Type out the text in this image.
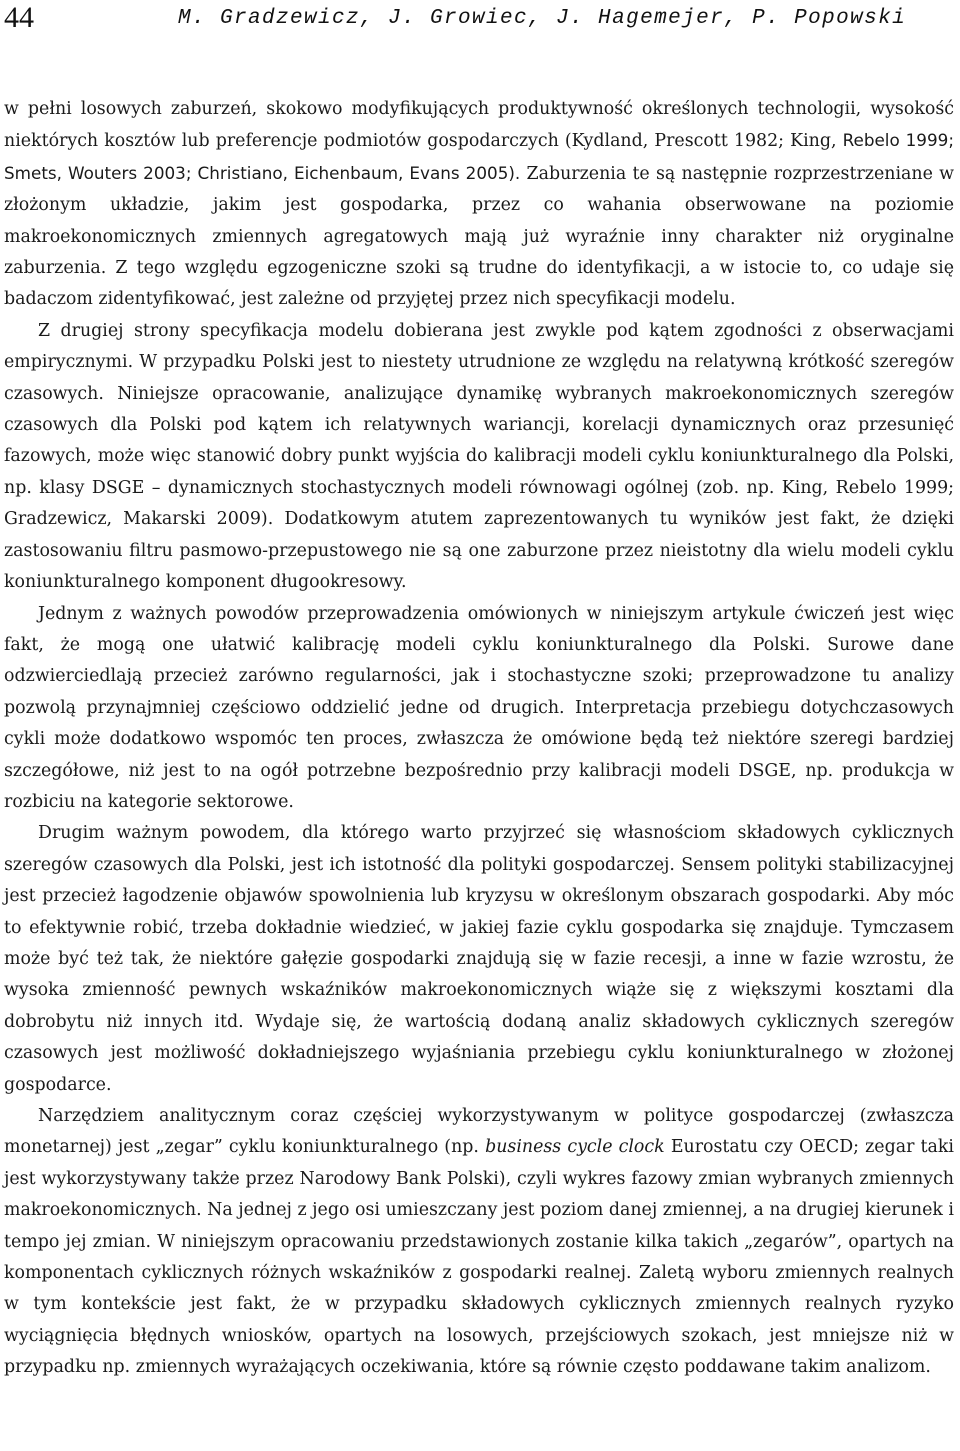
44	M. Gradzewicz, J. Growiec, J. Hagemejer, P. Popowski

w pełni losowych zaburzeń, skokowo modyfikujących produktywność określonych technologii, wysokość niektórych kosztów lub preferencje podmiotów gospodarczych (Kydland, Prescott 1982; King, Rebelo 1999; Smets, Wouters 2003; Christiano, Eichenbaum, Evans 2005). Zaburzenia te są następnie rozprzestrzeniane w złożonym układzie, jakim jest gospodarka, przez co wahania obserwowane na poziomie makroekonomicznych zmiennych agregatowych mają już wyraźnie inny charakter niż oryginalne zaburzenia. Z tego względu egzogeniczne szoki są trudne do identyfikacji, a w istocie to, co udaje się badaczom zidentyfikować, jest zależne od przyjętej przez nich specyfikacji modelu.

Z drugiej strony specyfikacja modelu dobierana jest zwykle pod kątem zgodności z obserwacjami empirycznymi. W przypadku Polski jest to niestety utrudnione ze względu na relatywną krótkość szeregów czasowych. Niniejsze opracowanie, analizujące dynamikę wybranych makroekonomicznych szeregów czasowych dla Polski pod kątem ich relatywnych wariancji, korelacji dynamicznych oraz przesunięć fazowych, może więc stanowić dobry punkt wyjścia do kalibracji modeli cyklu koniunkturalnego dla Polski, np. klasy DSGE – dynamicznych stochastycznych modeli równowagi ogólnej (zob. np. King, Rebelo 1999; Gradzewicz, Makarski 2009). Dodatkowym atutem zaprezentowanych tu wyników jest fakt, że dzięki zastosowaniu filtru pasmowo-przepustowego nie są one zaburzone przez nieistotny dla wielu modeli cyklu koniunkturalnego komponent długookresowy.

Jednym z ważnych powodów przeprowadzenia omówionych w niniejszym artykule ćwiczeń jest więc fakt, że mogą one ułatwić kalibrację modeli cyklu koniunkturalnego dla Polski. Surowe dane odzwierciedlają przecież zarówno regularności, jak i stochastyczne szoki; przeprowadzone tu analizy pozwolą przynajmniej częściowo oddzielić jedne od drugich. Interpretacja przebiegu dotychczasowych cykli może dodatkowo wspomóc ten proces, zwłaszcza że omówione będą też niektóre szeregi bardziej szczegółowe, niż jest to na ogół potrzebne bezpośrednio przy kalibracji modeli DSGE, np. produkcja w rozbiciu na kategorie sektorowe.

Drugim ważnym powodem, dla którego warto przyjrzeć się własnościom składowych cyklicznych szeregów czasowych dla Polski, jest ich istotność dla polityki gospodarczej. Sensem polityki stabilizacyjnej jest przecież łagodzenie objawów spowolnienia lub kryzysu w określonym obszarach gospodarki. Aby móc to efektywnie robić, trzeba dokładnie wiedzieć, w jakiej fazie cyklu gospodarka się znajduje. Tymczasem może być też tak, że niektóre gałęzie gospodarki znajdują się w fazie recesji, a inne w fazie wzrostu, że wysoka zmienność pewnych wskaźników makroekonomicznych wiąże się z większymi kosztami dla dobrobytu niż innych itd. Wydaje się, że wartością dodaną analiz składowych cyklicznych szeregów czasowych jest możliwość dokładniejszego wyjaśniania przebiegu cyklu koniunkturalnego w złożonej gospodarce.

Narzędziem analitycznym coraz częściej wykorzystywanym w polityce gospodarczej (zwłaszcza monetarnej) jest „zegar” cyklu koniunkturalnego (np. business cycle clock Eurostatu czy OECD; zegar taki jest wykorzystywany także przez Narodowy Bank Polski), czyli wykres fazowy zmian wybranych zmiennych makroekonomicznych. Na jednej z jego osi umieszczany jest poziom danej zmiennej, a na drugiej kierunek i tempo jej zmian. W niniejszym opracowaniu przedstawionych zostanie kilka takich „zegarów”, opartych na komponentach cyklicznych różnych wskaźników z gospodarki realnej. Zaletą wyboru zmiennych realnych w tym kontekście jest fakt, że w przypadku składowych cyklicznych zmiennych realnych ryzyko wyciągnięcia błędnych wniosków, opartych na losowych, przejściowych szokach, jest mniejsze niż w przypadku np. zmiennych wyrażających oczekiwania, które są równie często poddawane takim analizom.
